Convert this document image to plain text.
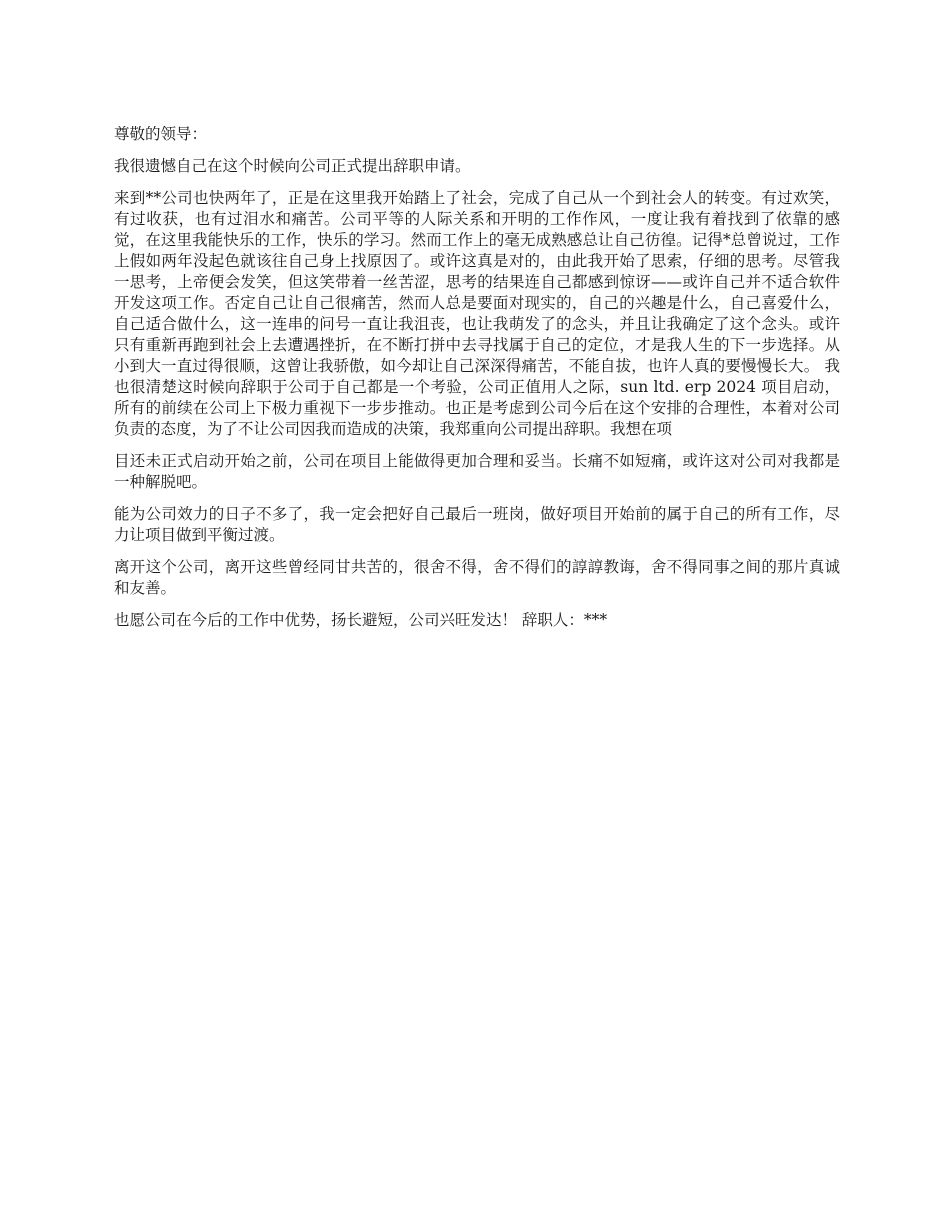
尊敬的领导：

我很遗憾自己在这个时候向公司正式提出辞职申请。

来到**公司也快两年了，正是在这里我开始踏上了社会，完成了自己从一个到社会人的转变。有过欢笑，有过收获，也有过泪水和痛苦。公司平等的人际关系和开明的工作作风，一度让我有着找到了依靠的感觉，在这里我能快乐的工作，快乐的学习。然而工作上的毫无成熟感总让自己彷徨。记得*总曾说过，工作上假如两年没起色就该往自己身上找原因了。或许这真是对的，由此我开始了思索，仔细的思考。尽管我一思考，上帝便会发笑，但这笑带着一丝苦涩，思考的结果连自己都感到惊讶——或许自己并不适合软件开发这项工作。否定自己让自己很痛苦，然而人总是要面对现实的，自己的兴趣是什么，自己喜爱什么，自己适合做什么，这一连串的问号一直让我沮丧，也让我萌发了的念头，并且让我确定了这个念头。或许只有重新再跑到社会上去遭遇挫折，在不断打拼中去寻找属于自己的定位，才是我人生的下一步选择。从小到大一直过得很顺，这曾让我骄傲，如今却让自己深深得痛苦，不能自拔，也许人真的要慢慢长大。 我也很清楚这时候向辞职于公司于自己都是一个考验，公司正值用人之际，sun ltd. erp 2024 项目启动，所有的前续在公司上下极力重视下一步步推动。也正是考虑到公司今后在这个安排的合理性，本着对公司负责的态度，为了不让公司因我而造成的决策，我郑重向公司提出辞职。我想在项

目还未正式启动开始之前，公司在项目上能做得更加合理和妥当。长痛不如短痛，或许这对公司对我都是一种解脱吧。

能为公司效力的日子不多了，我一定会把好自己最后一班岗，做好项目开始前的属于自己的所有工作，尽力让项目做到平衡过渡。

离开这个公司，离开这些曾经同甘共苦的，很舍不得，舍不得们的諄諄教诲，舍不得同事之间的那片真诚和友善。

也愿公司在今后的工作中优势，扬长避短，公司兴旺发达！ 辞职人：***
